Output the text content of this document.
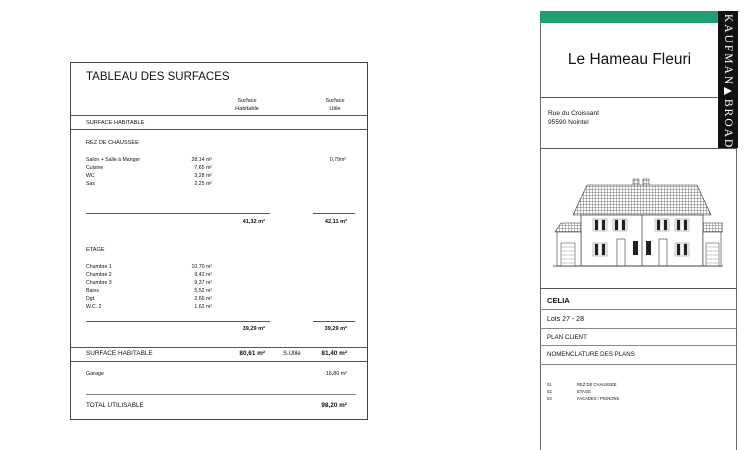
TABLEAU DES SURFACES
Surface
Habitable
Surface
Utile
SURFACE HABITABLE
REZ DE CHAUSSEE
Salon + Salle à Manger	28,14 m²	0,79m²
Cuisine	7,65 m²
WC	3,28 m²
Sas	2,25 m²
41,32 m²	42,11 m²
ETAGE
Chambre 1	10,70 m²
Chambre 2	9,42 m²
Chambre 3	9,37 m²
Bains	5,52 m²
Dgt.	2,66 m²
W.C. 2	1,62 m²
39,29 m²	39,29 m²
SURFACE HABITABLE	80,61 m²	S.Utile	81,40 m²
Garage	16,80 m²
TOTAL UTILISABLE	98,20 m²
KAUFMAN
BROAD
Le Hameau Fleuri
Rue du Croissant
95590 Nointel
CELIA
Lots 27 - 28
PLAN CLIENT
NOMENCLATURE DES PLANS
01	REZ DE CHAUSSEE
02	ETAGE
03	FACADES / PIGNONS
